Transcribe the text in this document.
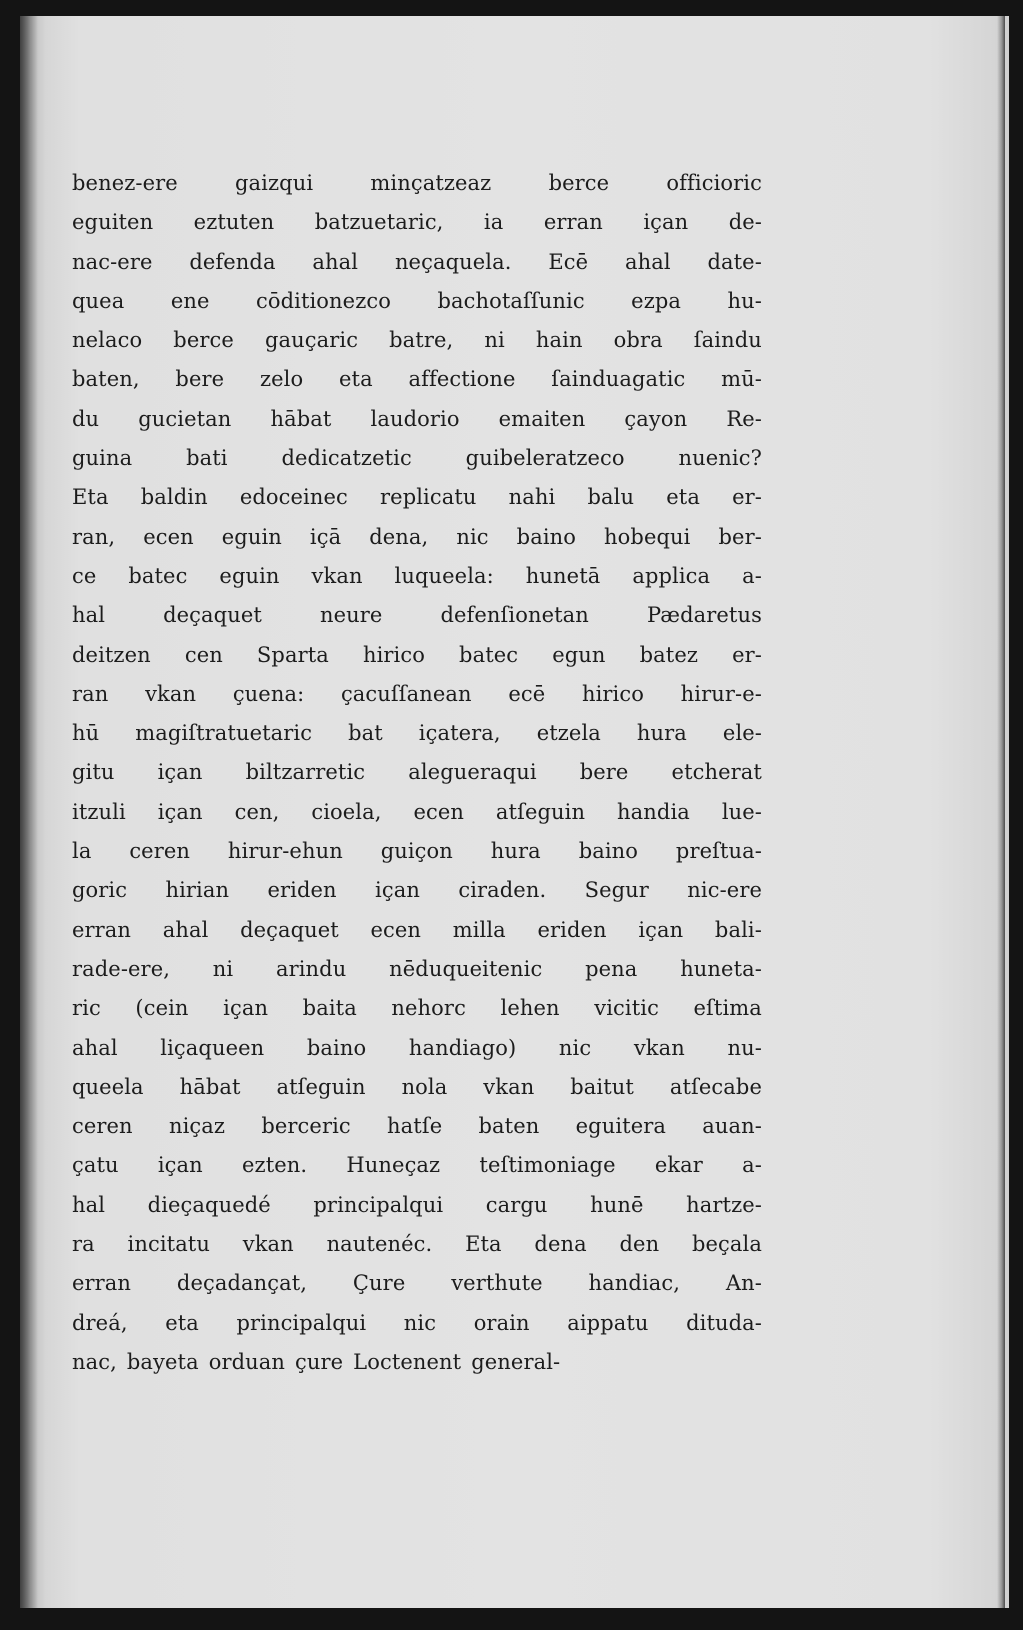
benez-ere	gaizqui	minçatzeaz	berce	officioric
eguiten eztuten batzuetaric, ia erran içan de-
nac-ere defenda ahal neçaquela. Ecē ahal date-
quea ene cōditionezco bachotaſſunic ezpa hu-
nelaco berce gauçaric batre, ni hain obra ſaindu
baten, bere zelo eta affectione ſainduagatic mū-
du gucietan hābat laudorio emaiten çayon Re-
guina	bati	dedicatzetic	guibeleratzeco	nuenic?
Eta baldin edoceinec replicatu nahi balu eta er-
ran, ecen eguin içā dena, nic baino hobequi ber-
ce batec eguin vkan luqueela: hunetā applica a-
hal	deçaquet	neure	defenſionetan	Pædaretus
deitzen cen Sparta hirico batec egun batez er-
ran vkan çuena: çacuſſanean ecē hirico hirur-e-
hū magiſtratuetaric bat içatera, etzela hura ele-
gitu içan biltzarretic alegueraqui bere etcherat
itzuli içan cen, cioela, ecen atſeguin handia lue-
la ceren hirur-ehun guiçon hura baino preſtua-
goric hirian eriden içan ciraden. Segur nic-ere
erran ahal deçaquet ecen milla eriden içan bali-
rade-ere, ni arindu nēduqueitenic pena huneta-
ric (cein içan baita nehorc lehen vicitic eſtima
ahal liçaqueen baino handiago) nic vkan nu-
queela hābat atſeguin nola vkan baitut atſecabe
ceren niçaz berceric hatſe baten eguitera auan-
çatu içan ezten. Huneçaz teſtimoniage ekar a-
hal dieçaquedé principalqui cargu hunē hartze-
ra incitatu vkan nautenéc. Eta dena den beçala
erran deçadançat, Çure verthute handiac, An-
dreá, eta principalqui nic orain aippatu dituda-
nac, bayeta orduan çure Loctenent general-
